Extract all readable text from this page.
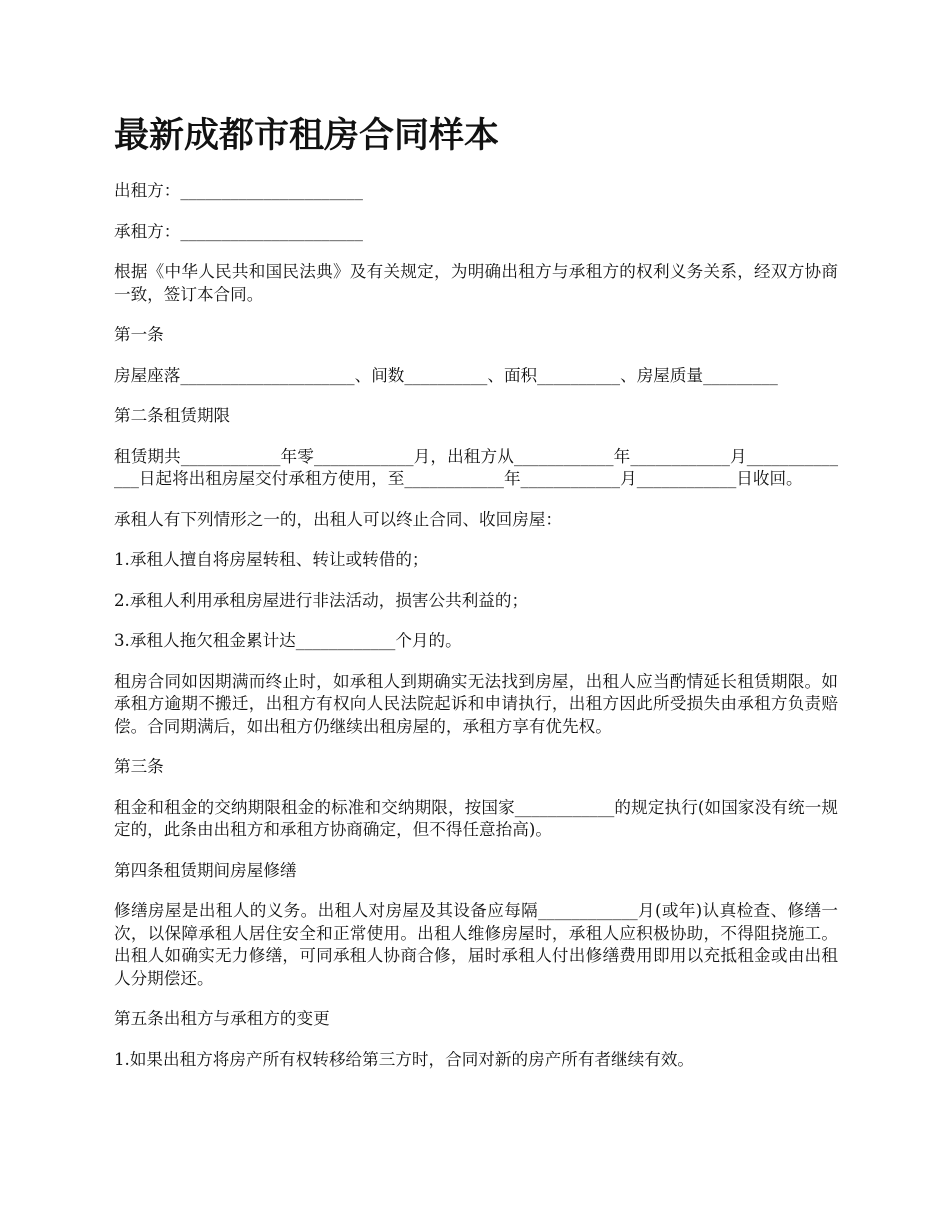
最新成都市租房合同样本

出租方：______________________

承租方：______________________

根据《中华人民共和国民法典》及有关规定，为明确出租方与承租方的权利义务关系，经双方协商一致，签订本合同。

第一条

房屋座落_____________________、间数__________、面积__________、房屋质量_________

第二条租赁期限

租赁期共____________年零____________月，出租方从____________年____________月______________日起将出租房屋交付承租方使用，至____________年____________月____________日收回。

承租人有下列情形之一的，出租人可以终止合同、收回房屋：

1.承租人擅自将房屋转租、转让或转借的；

2.承租人利用承租房屋进行非法活动，损害公共利益的；

3.承租人拖欠租金累计达____________个月的。

租房合同如因期满而终止时，如承租人到期确实无法找到房屋，出租人应当酌情延长租赁期限。如承租方逾期不搬迁，出租方有权向人民法院起诉和申请执行，出租方因此所受损失由承租方负责赔偿。合同期满后，如出租方仍继续出租房屋的，承租方享有优先权。

第三条

租金和租金的交纳期限租金的标准和交纳期限，按国家____________的规定执行(如国家没有统一规定的，此条由出租方和承租方协商确定，但不得任意抬高)。

第四条租赁期间房屋修缮

修缮房屋是出租人的义务。出租人对房屋及其设备应每隔____________月(或年)认真检查、修缮一次，以保障承租人居住安全和正常使用。出租人维修房屋时，承租人应积极协助，不得阻挠施工。出租人如确实无力修缮，可同承租人协商合修，届时承租人付出修缮费用即用以充抵租金或由出租人分期偿还。

第五条出租方与承租方的变更

1.如果出租方将房产所有权转移给第三方时，合同对新的房产所有者继续有效。
